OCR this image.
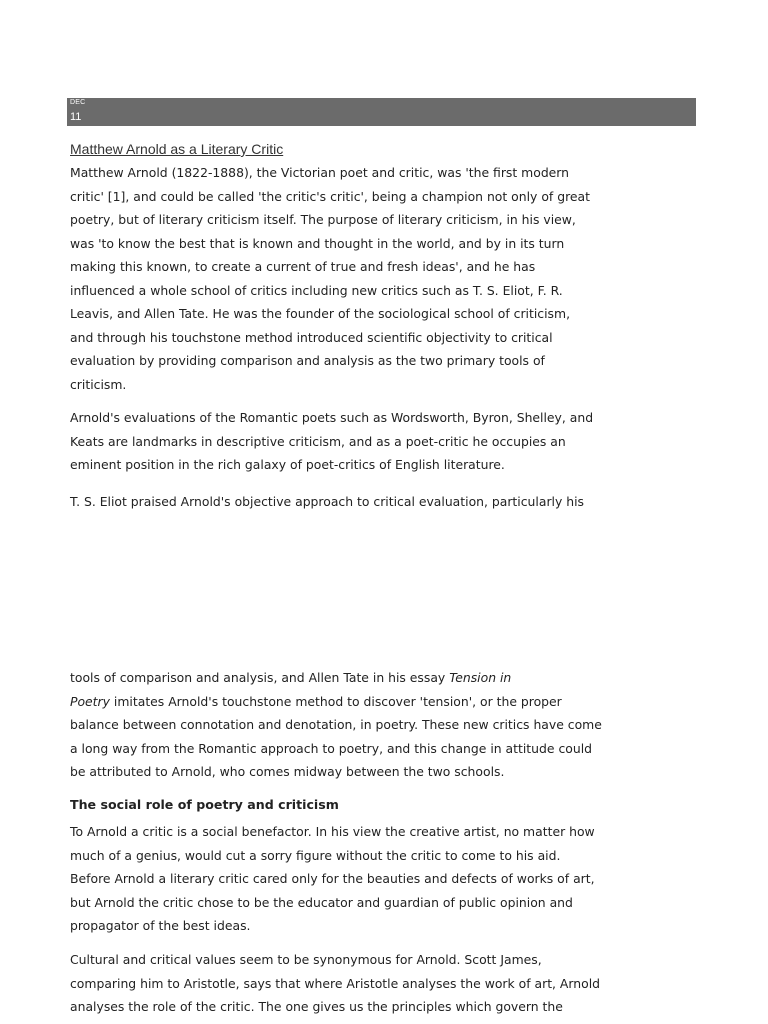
DEC
11
Matthew Arnold as a Literary Critic
Matthew Arnold (1822-1888), the Victorian poet and critic, was 'the first modern
critic' [1], and could be called 'the critic's critic', being a champion not only of great
poetry, but of literary criticism itself. The purpose of literary criticism, in his view,
was 'to know the best that is known and thought in the world, and by in its turn
making this known, to create a current of true and fresh ideas', and he has
influenced a whole school of critics including new critics such as T. S. Eliot, F. R.
Leavis, and Allen Tate. He was the founder of the sociological school of criticism,
and through his touchstone method introduced scientific objectivity to critical
evaluation by providing comparison and analysis as the two primary tools of
criticism.
Arnold's evaluations of the Romantic poets such as Wordsworth, Byron, Shelley, and
Keats are landmarks in descriptive criticism, and as a poet-critic he occupies an
eminent position in the rich galaxy of poet-critics of English literature.
T. S. Eliot praised Arnold's objective approach to critical evaluation, particularly his
tools of comparison and analysis, and Allen Tate in his essay Tension in
Poetry imitates Arnold's touchstone method to discover 'tension', or the proper
balance between connotation and denotation, in poetry. These new critics have come
a long way from the Romantic approach to poetry, and this change in attitude could
be attributed to Arnold, who comes midway between the two schools.
The social role of poetry and criticism
To Arnold a critic is a social benefactor. In his view the creative artist, no matter how
much of a genius, would cut a sorry figure without the critic to come to his aid.
Before Arnold a literary critic cared only for the beauties and defects of works of art,
but Arnold the critic chose to be the educator and guardian of public opinion and
propagator of the best ideas.
Cultural and critical values seem to be synonymous for Arnold. Scott James,
comparing him to Aristotle, says that where Aristotle analyses the work of art, Arnold
analyses the role of the critic. The one gives us the principles which govern the
